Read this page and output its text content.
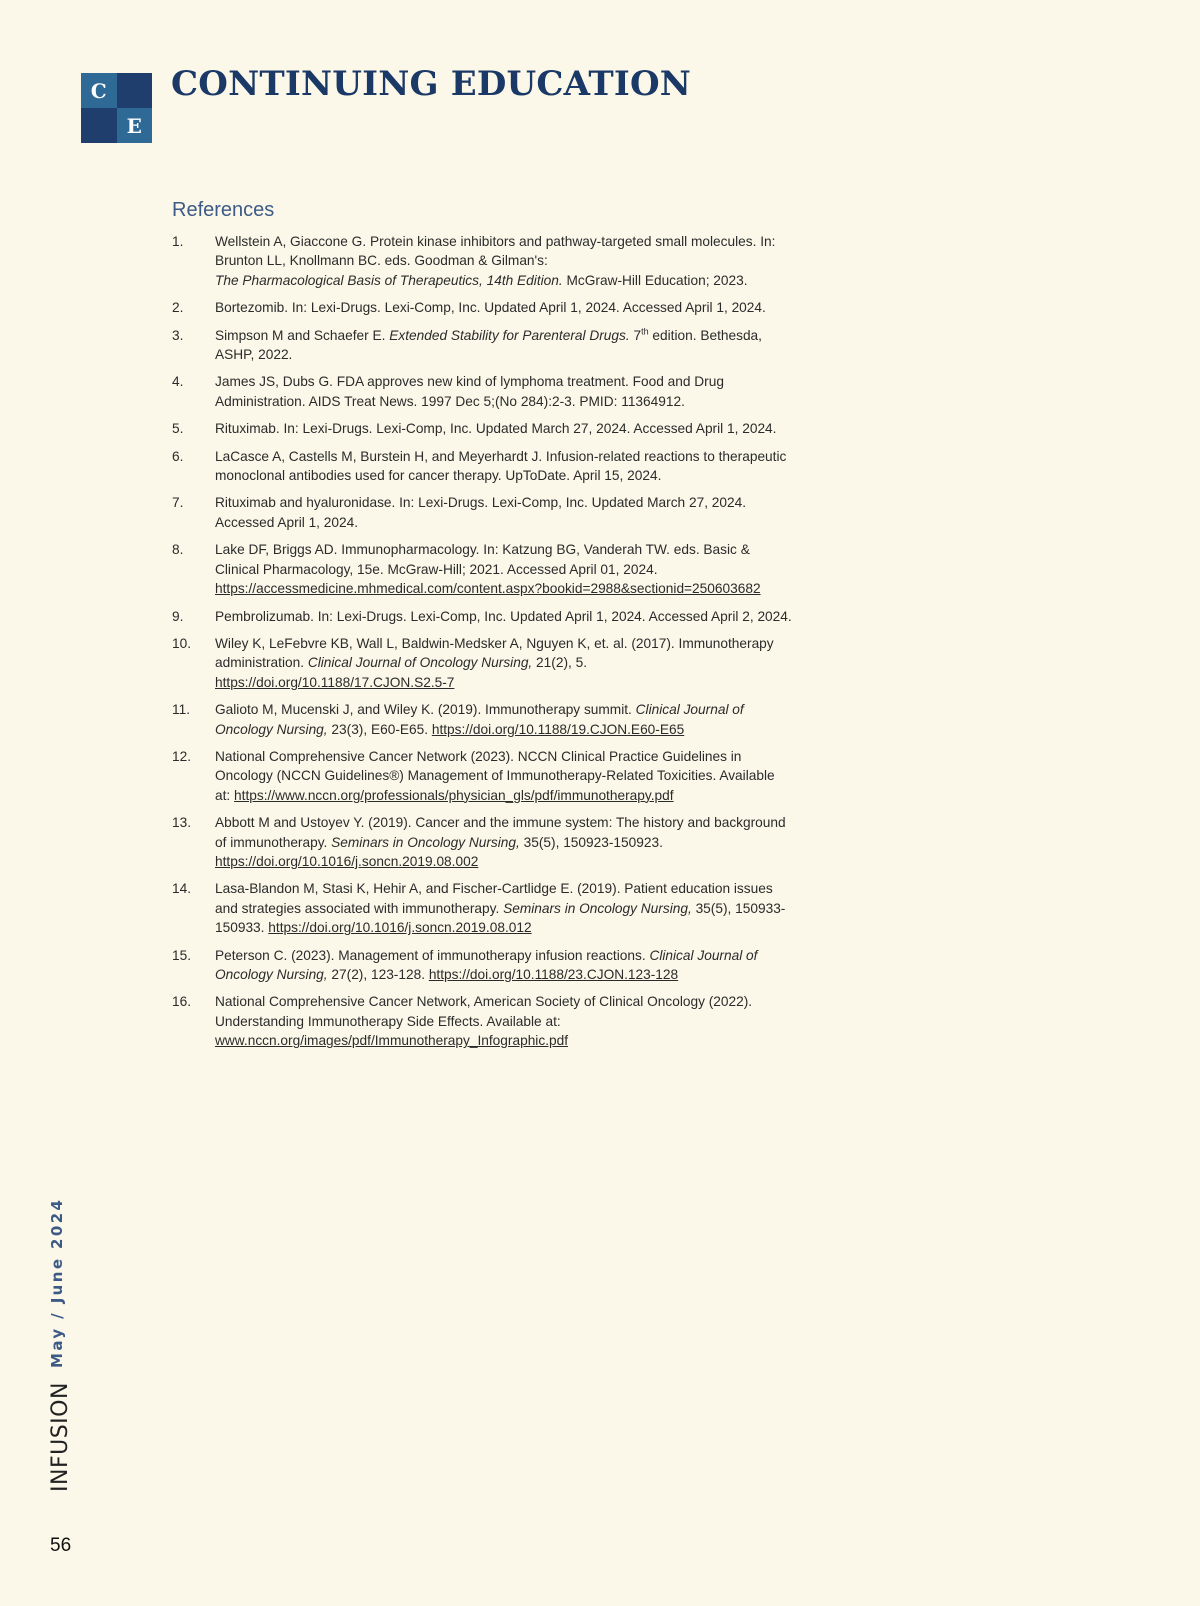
C
E
CONTINUING EDUCATION
References
1. Wellstein A, Giaccone G. Protein kinase inhibitors and pathway-targeted small molecules. In: Brunton LL, Knollmann BC. eds. Goodman & Gilman's:
The Pharmacological Basis of Therapeutics, 14th Edition. McGraw-Hill Education; 2023.
2. Bortezomib. In: Lexi-Drugs. Lexi-Comp, Inc. Updated April 1, 2024. Accessed April 1, 2024.
3. Simpson M and Schaefer E. Extended Stability for Parenteral Drugs. 7th edition. Bethesda, ASHP, 2022.
4. James JS, Dubs G. FDA approves new kind of lymphoma treatment. Food and Drug Administration. AIDS Treat News. 1997 Dec 5;(No 284):2-3. PMID: 11364912.
5. Rituximab. In: Lexi-Drugs. Lexi-Comp, Inc. Updated March 27, 2024. Accessed April 1, 2024.
6. LaCasce A, Castells M, Burstein H, and Meyerhardt J. Infusion-related reactions to therapeutic monoclonal antibodies used for cancer therapy. UpToDate. April 15, 2024.
7. Rituximab and hyaluronidase. In: Lexi-Drugs. Lexi-Comp, Inc. Updated March 27, 2024. Accessed April 1, 2024.
8. Lake DF, Briggs AD. Immunopharmacology. In: Katzung BG, Vanderah TW. eds. Basic & Clinical Pharmacology, 15e. McGraw-Hill; 2021. Accessed April 01, 2024. https://accessmedicine.mhmedical.com/content.aspx?bookid=2988&sectionid=250603682
9. Pembrolizumab. In: Lexi-Drugs. Lexi-Comp, Inc. Updated April 1, 2024. Accessed April 2, 2024.
10. Wiley K, LeFebvre KB, Wall L, Baldwin-Medsker A, Nguyen K, et. al. (2017). Immunotherapy administration. Clinical Journal of Oncology Nursing, 21(2), 5. https://doi.org/10.1188/17.CJON.S2.5-7
11. Galioto M, Mucenski J, and Wiley K. (2019). Immunotherapy summit. Clinical Journal of Oncology Nursing, 23(3), E60-E65. https://doi.org/10.1188/19.CJON.E60-E65
12. National Comprehensive Cancer Network (2023). NCCN Clinical Practice Guidelines in Oncology (NCCN Guidelines®) Management of Immunotherapy-Related Toxicities. Available at: https://www.nccn.org/professionals/physician_gls/pdf/immunotherapy.pdf
13. Abbott M and Ustoyev Y. (2019). Cancer and the immune system: The history and background of immunotherapy. Seminars in Oncology Nursing, 35(5), 150923-150923. https://doi.org/10.1016/j.soncn.2019.08.002
14. Lasa-Blandon M, Stasi K, Hehir A, and Fischer-Cartlidge E. (2019). Patient education issues and strategies associated with immunotherapy. Seminars in Oncology Nursing, 35(5), 150933-150933. https://doi.org/10.1016/j.soncn.2019.08.012
15. Peterson C. (2023). Management of immunotherapy infusion reactions. Clinical Journal of Oncology Nursing, 27(2), 123-128. https://doi.org/10.1188/23.CJON.123-128
16. National Comprehensive Cancer Network, American Society of Clinical Oncology (2022). Understanding Immunotherapy Side Effects. Available at: www.nccn.org/images/pdf/Immunotherapy_Infographic.pdf
May / June 2024
INFUSION
56
